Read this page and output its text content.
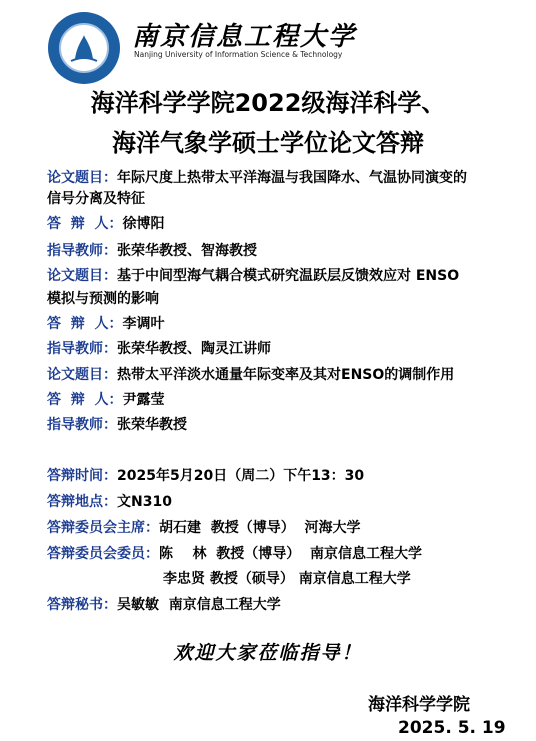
南京信息工程大学
Nanjing University of Information Science & Technology
海洋科学学院2022级海洋科学、
海洋气象学硕士学位论文答辩
论文题目：年际尺度上热带太平洋海温与我国降水、气温协同演变的
信号分离及特征
答  辩  人：徐博阳
指导教师：张荣华教授、智海教授
论文题目：基于中间型海气耦合模式研究温跃层反馈效应对 ENSO
模拟与预测的影响
答  辩  人：李调叶
指导教师：张荣华教授、陶灵江讲师
论文题目：热带太平洋淡水通量年际变率及其对ENSO的调制作用
答  辩  人：尹露莹
指导教师：张荣华教授
答辩时间：2025年5月20日（周二）下午13：30
答辩地点：文N310
答辩委员会主席：胡石建  教授（博导）  河海大学
答辩委员会委员：陈    林  教授（博导）  南京信息工程大学
李忠贤 教授（硕导） 南京信息工程大学
答辩秘书：吴敏敏  南京信息工程大学
欢迎大家莅临指导！
海洋科学学院
2025. 5. 19
